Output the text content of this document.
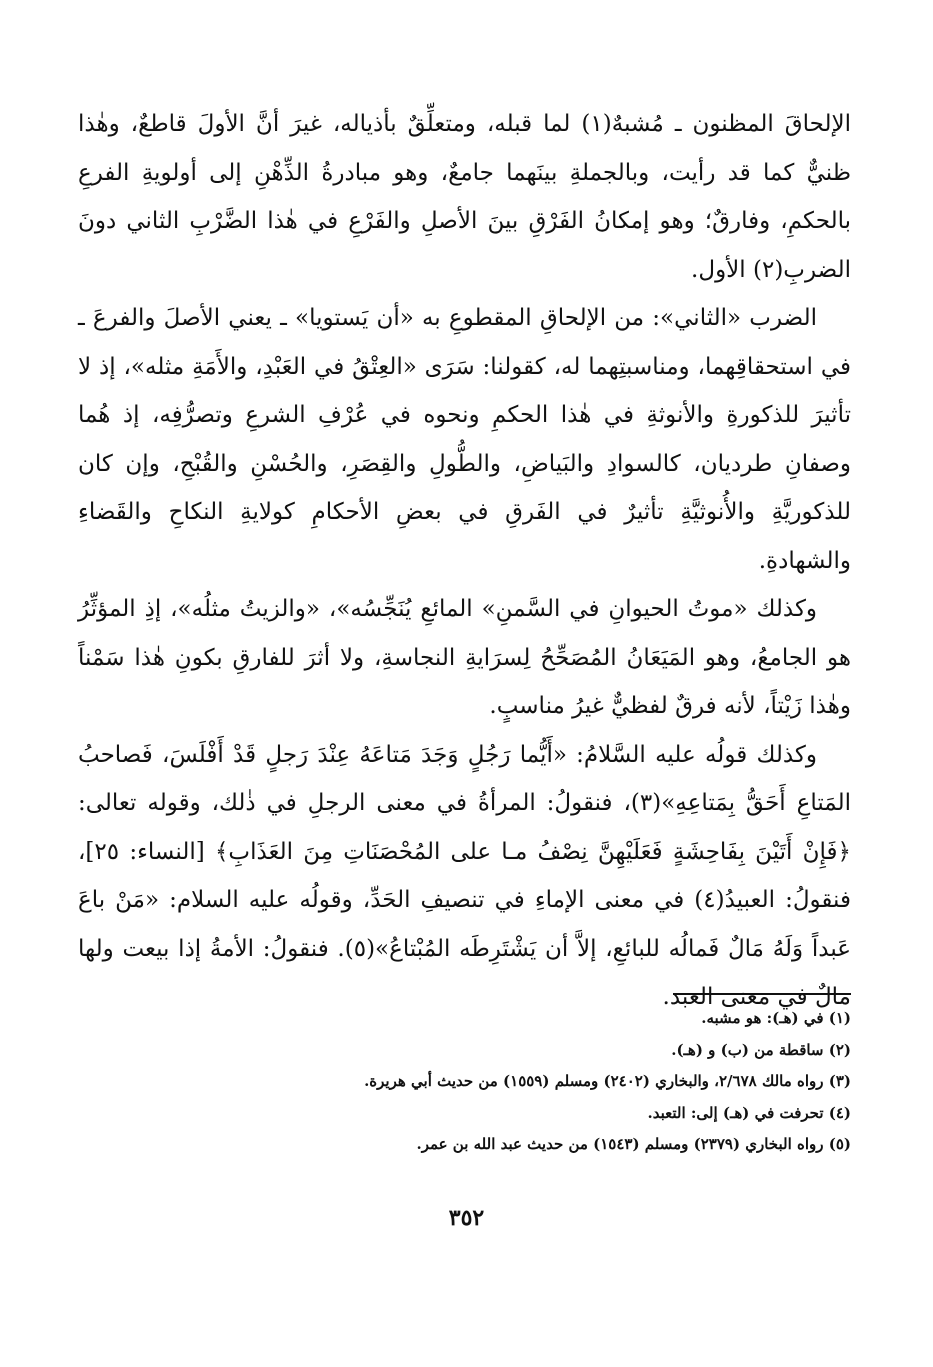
الإلحاقَ المظنون ـ مُشبهٌ(١) لما قبله، ومتعلِّقٌ بأذياله، غيرَ أنَّ الأولَ قاطعٌ، وهٰذا ظنيٌّ كما قد رأيت، وبالجملةِ بينَهما جامعٌ، وهو مبادرةُ الذِّهْنِ إلى أولويةِ الفرعِ بالحكمِ، وفارقٌ؛ وهو إمكانُ الفَرْقِ بينَ الأصلِ والفَرْعِ في هٰذا الضَّرْبِ الثاني دونَ الضربِ(٢) الأول.

الضرب «الثاني»: من الإلحاقِ المقطوعِ به «أن يَستويا» ـ يعني الأصلَ والفرعَ ـ في استحقاقِهما، ومناسبتِهما له، كقولنا: سَرَى «العِتْقُ في العَبْدِ، والأَمَةِ مثله»، إذ لا تأثيرَ للذكورةِ والأنوثةِ في هٰذا الحكمِ ونحوه في عُرْفِ الشرعِ وتصرُّفِه، إذ هُما وصفانِ طرديان، كالسوادِ والبَياضِ، والطُّولِ والقِصَرِ، والحُسْنِ والقُبْحِ، وإن كان للذكوريَّةِ والأُنوثيَّةِ تأثيرٌ في الفَرقِ في بعضِ الأحكامِ كولايةِ النكاحِ والقَضاءِ والشهادةِ.

وكذلك «موتُ الحيوانِ في السَّمنِ» المائعِ يُنَجِّسُه»، «والزيتُ مثلُه»، إذِ المؤثِّرُ هو الجامعُ، وهو المَيَعَانُ المُصَحِّحُ لِسرَايةِ النجاسةِ، ولا أثرَ للفارقِ بكونِ هٰذا سَمْناً وهٰذا زَيْتاً، لأنه فرقٌ لفظيٌّ غيرُ مناسبٍ.

وكذلك قولُه عليه السَّلامُ: «أَيُّما رَجُلٍ وَجَدَ مَتاعَهُ عِنْدَ رَجلٍ قَدْ أَفْلَسَ، فَصاحبُ المَتاعِ أَحَقُّ بِمَتاعِهِ»(٣)، فنقولُ: المرأةُ في معنى الرجلِ في ذٰلك، وقوله تعالى: ﴿فَإِنْ أَتَيْنَ بِفَاحِشَةٍ فَعَلَيْهِنَّ نِصْفُ مـا على المُحْصَنَاتِ مِنَ العَذَابِ﴾ [النساء: ٢٥]، فنقولُ: العبيدُ(٤) في معنى الإماءِ في تنصيفِ الحَدِّ، وقولُه عليه السلام: «مَنْ باعَ عَبداً وَلَهُ مَالٌ فَمالُه للبائعِ، إلاَّ أن يَشْتَرِطَه المُبْتاعُ»(٥). فنقولُ: الأمةُ إذا بيعت ولها مالٌ في معنى العبد.

(١) في (هـ): هو مشبه.
(٢) ساقطة من (ب) و (هـ).
(٣) رواه مالك ٢/٦٧٨، والبخاري (٢٤٠٢) ومسلم (١٥٥٩) من حديث أبي هريرة.
(٤) تحرفت في (هـ) إلى: التعبد.
(٥) رواه البخاري (٢٣٧٩) ومسلم (١٥٤٣) من حديث عبد الله بن عمر.
٣٥٢
